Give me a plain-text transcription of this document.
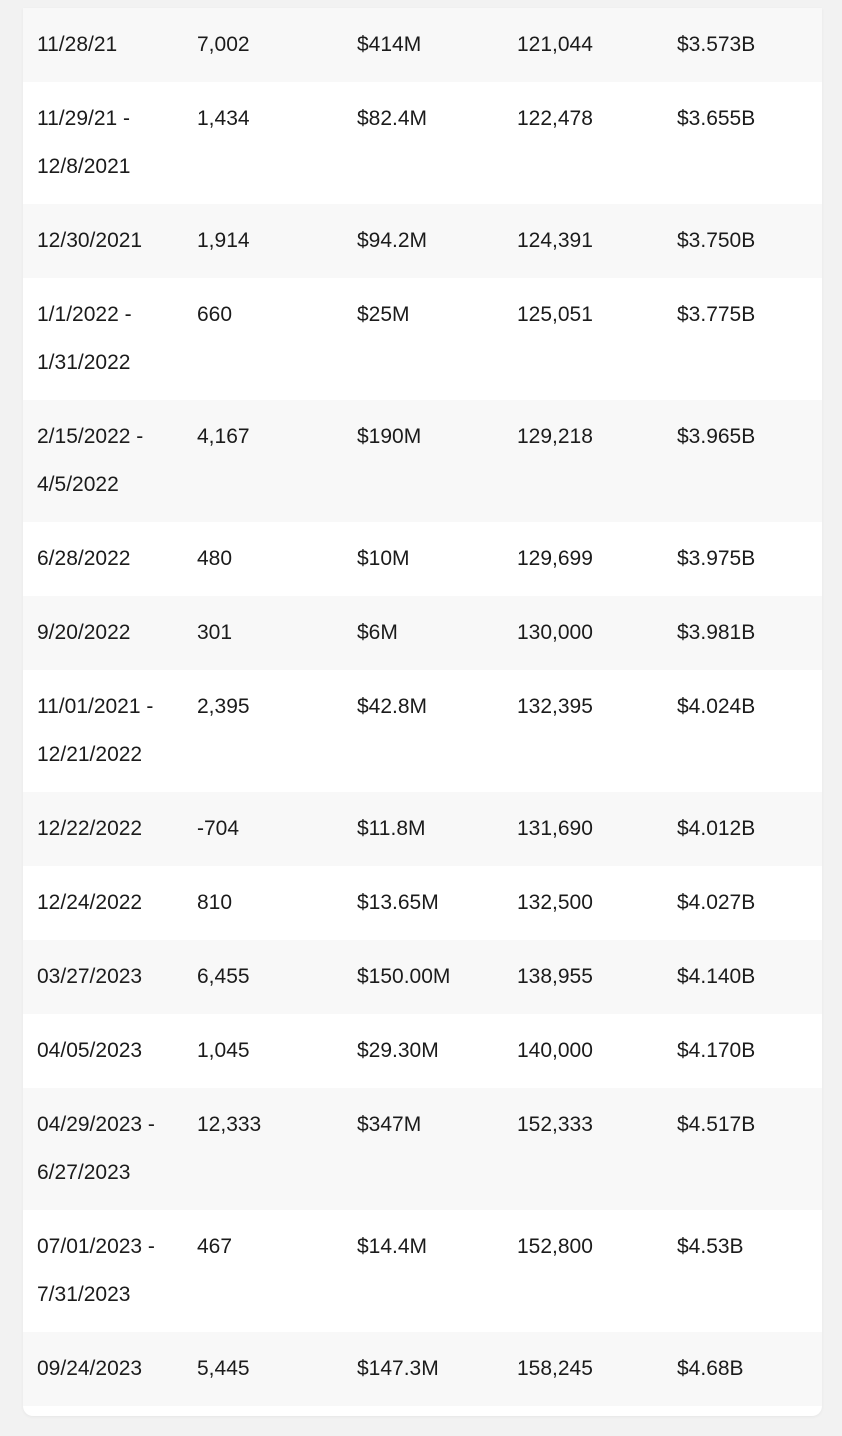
11/28/21	7,002	$414M	121,044	$3.573B
11/29/21 - 12/8/2021	1,434	$82.4M	122,478	$3.655B
12/30/2021	1,914	$94.2M	124,391	$3.750B
1/1/2022 - 1/31/2022	660	$25M	125,051	$3.775B
2/15/2022 - 4/5/2022	4,167	$190M	129,218	$3.965B
6/28/2022	480	$10M	129,699	$3.975B
9/20/2022	301	$6M	130,000	$3.981B
11/01/2021 - 12/21/2022	2,395	$42.8M	132,395	$4.024B
12/22/2022	-704	$11.8M	131,690	$4.012B
12/24/2022	810	$13.65M	132,500	$4.027B
03/27/2023	6,455	$150.00M	138,955	$4.140B
04/05/2023	1,045	$29.30M	140,000	$4.170B
04/29/2023 - 6/27/2023	12,333	$347M	152,333	$4.517B
07/01/2023 - 7/31/2023	467	$14.4M	152,800	$4.53B
09/24/2023	5,445	$147.3M	158,245	$4.68B
